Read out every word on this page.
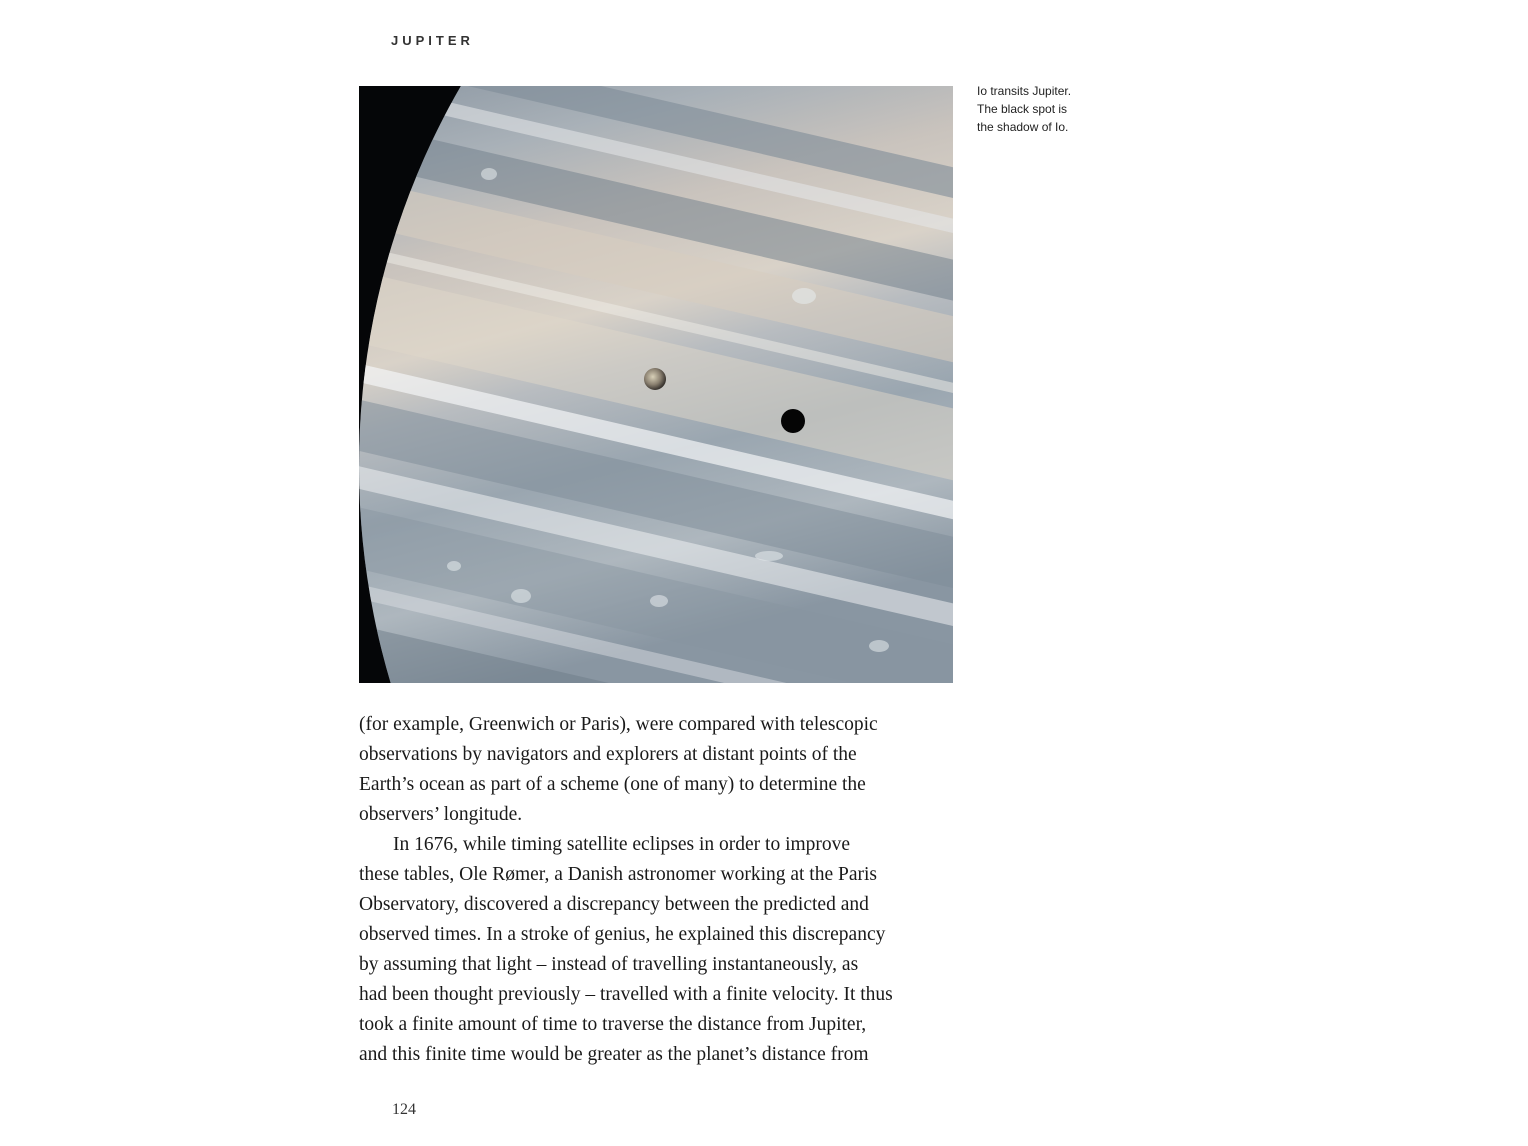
JUPITER
Io transits Jupiter.
The black spot is
the shadow of Io.
(for example, Greenwich or Paris), were compared with telescopic
observations by navigators and explorers at distant points of the
Earth’s ocean as part of a scheme (one of many) to determine the
observers’ longitude.
In 1676, while timing satellite eclipses in order to improve
these tables, Ole Rømer, a Danish astronomer working at the Paris
Observatory, discovered a discrepancy between the predicted and
observed times. In a stroke of genius, he explained this discrepancy
by assuming that light – instead of travelling instantaneously, as
had been thought previously – travelled with a finite velocity. It thus
took a finite amount of time to traverse the distance from Jupiter,
and this finite time would be greater as the planet’s distance from
124
